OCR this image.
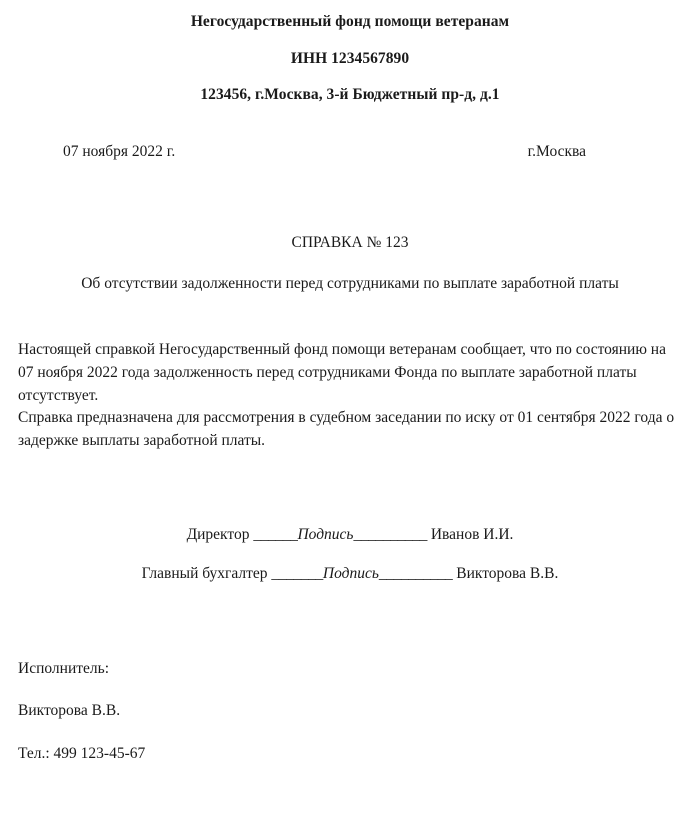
Негосударственный фонд помощи ветеранам
ИНН 1234567890
123456, г.Москва, 3-й Бюджетный пр-д, д.1
07 ноября 2022 г.	г.Москва
СПРАВКА № 123
Об отсутствии задолженности перед сотрудниками по выплате заработной платы

Настоящей справкой Негосударственный фонд помощи ветеранам сообщает, что по состоянию на 07 ноября 2022 года задолженность перед сотрудниками Фонда по выплате заработной платы отсутствует.

Справка предназначена для рассмотрения в судебном заседании по иску от 01 сентября 2022 года о задержке выплаты заработной платы.

Директор ______Подпись__________ Иванов И.И.
Главный бухгалтер _______Подпись__________ Викторова В.В.
Исполнитель:
Викторова В.В.
Тел.: 499 123-45-67
